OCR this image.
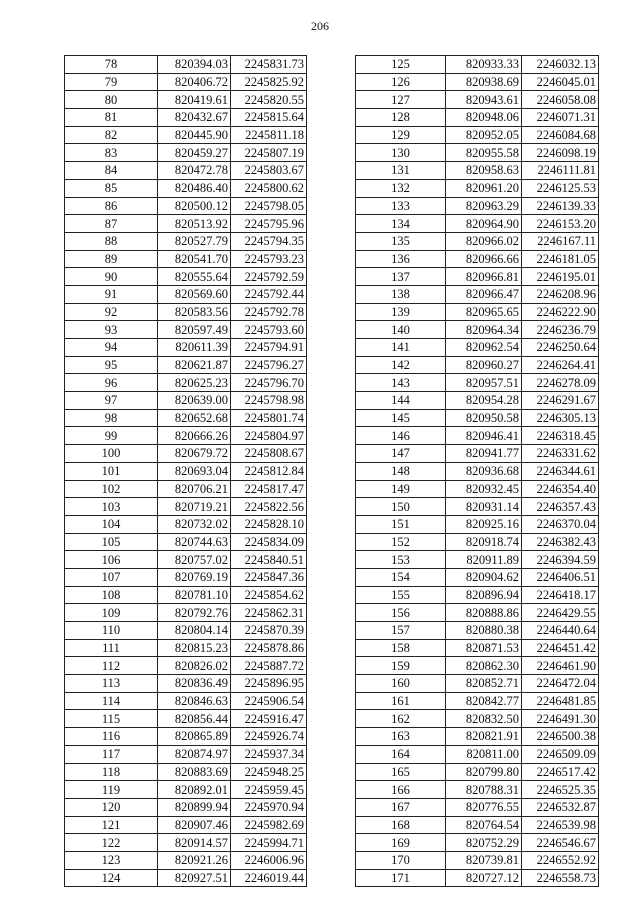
206
78	820394.03	2245831.73
79	820406.72	2245825.92
80	820419.61	2245820.55
81	820432.67	2245815.64
82	820445.90	2245811.18
83	820459.27	2245807.19
84	820472.78	2245803.67
85	820486.40	2245800.62
86	820500.12	2245798.05
87	820513.92	2245795.96
88	820527.79	2245794.35
89	820541.70	2245793.23
90	820555.64	2245792.59
91	820569.60	2245792.44
92	820583.56	2245792.78
93	820597.49	2245793.60
94	820611.39	2245794.91
95	820621.87	2245796.27
96	820625.23	2245796.70
97	820639.00	2245798.98
98	820652.68	2245801.74
99	820666.26	2245804.97
100	820679.72	2245808.67
101	820693.04	2245812.84
102	820706.21	2245817.47
103	820719.21	2245822.56
104	820732.02	2245828.10
105	820744.63	2245834.09
106	820757.02	2245840.51
107	820769.19	2245847.36
108	820781.10	2245854.62
109	820792.76	2245862.31
110	820804.14	2245870.39
111	820815.23	2245878.86
112	820826.02	2245887.72
113	820836.49	2245896.95
114	820846.63	2245906.54
115	820856.44	2245916.47
116	820865.89	2245926.74
117	820874.97	2245937.34
118	820883.69	2245948.25
119	820892.01	2245959.45
120	820899.94	2245970.94
121	820907.46	2245982.69
122	820914.57	2245994.71
123	820921.26	2246006.96
124	820927.51	2246019.44
125	820933.33	2246032.13
126	820938.69	2246045.01
127	820943.61	2246058.08
128	820948.06	2246071.31
129	820952.05	2246084.68
130	820955.58	2246098.19
131	820958.63	2246111.81
132	820961.20	2246125.53
133	820963.29	2246139.33
134	820964.90	2246153.20
135	820966.02	2246167.11
136	820966.66	2246181.05
137	820966.81	2246195.01
138	820966.47	2246208.96
139	820965.65	2246222.90
140	820964.34	2246236.79
141	820962.54	2246250.64
142	820960.27	2246264.41
143	820957.51	2246278.09
144	820954.28	2246291.67
145	820950.58	2246305.13
146	820946.41	2246318.45
147	820941.77	2246331.62
148	820936.68	2246344.61
149	820932.45	2246354.40
150	820931.14	2246357.43
151	820925.16	2246370.04
152	820918.74	2246382.43
153	820911.89	2246394.59
154	820904.62	2246406.51
155	820896.94	2246418.17
156	820888.86	2246429.55
157	820880.38	2246440.64
158	820871.53	2246451.42
159	820862.30	2246461.90
160	820852.71	2246472.04
161	820842.77	2246481.85
162	820832.50	2246491.30
163	820821.91	2246500.38
164	820811.00	2246509.09
165	820799.80	2246517.42
166	820788.31	2246525.35
167	820776.55	2246532.87
168	820764.54	2246539.98
169	820752.29	2246546.67
170	820739.81	2246552.92
171	820727.12	2246558.73
